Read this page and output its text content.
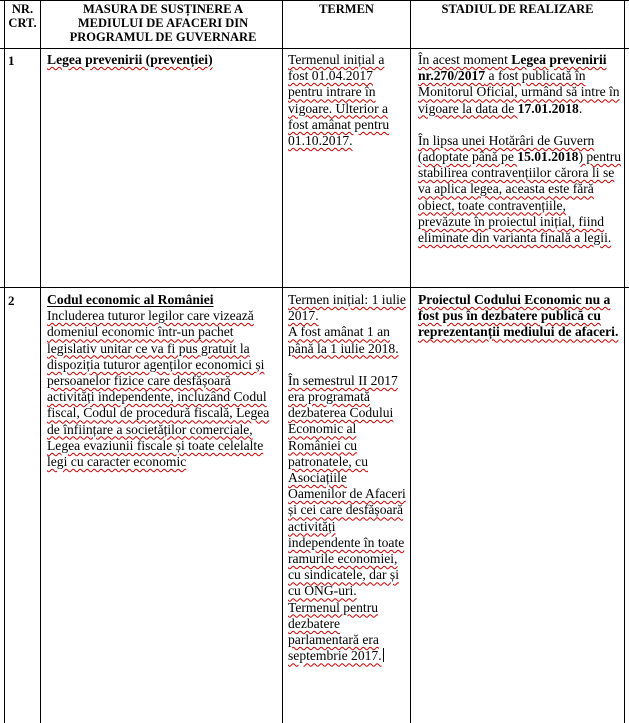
NR. CRT.
MASURA DE SUSȚINERE A MEDIULUI DE AFACERI DIN PROGRAMUL DE GUVERNARE
TERMEN	STADIUL DE REALIZARE
1 Legea prevenirii (prevenției)	Termenul inițial a fost 01.04.2017 pentru intrare în vigoare. Ulterior a fost amânat pentru 01.10.2017.

În acest moment Legea prevenirii nr.270/2017 a fost publicată în Monitorul Oficial, urmând să intre în vigoare la data de 17.01.2018.

În lipsa unei Hotărâri de Guvern (adoptate până pe 15.01.2018) pentru stabilirea contravențiilor cărora li se va aplica legea, aceasta este fără obiect, toate contravențiile, prevăzute în proiectul inițial, fiind eliminate din varianta finală a legii.

2 Codul economic al României

Includerea tuturor legilor care vizează domeniul economic într-un pachet legislativ unitar ce va fi pus gratuit la dispoziția tuturor agenților economici și persoanelor fizice care desfășoară activități independente, incluzând Codul fiscal, Codul de procedură fiscală, Legea de înființare a societăților comerciale, Legea evaziunii fiscale și toate celelalte legi cu caracter economic

Termen inițial: 1 iulie 2017.

A fost amânat 1 an până la 1 iulie 2018.

În semestrul II 2017 era programată dezbaterea Codului Economic al României cu patronatele, cu Asociațiile Oamenilor de Afaceri și cei care desfășoară activități independente în toate ramurile economiei, cu sindicatele, dar și cu ONG-uri.

Termenul pentru dezbatere parlamentară era septembrie 2017.

Proiectul Codului Economic nu a fost pus în dezbatere publică cu reprezentanții mediului de afaceri.
